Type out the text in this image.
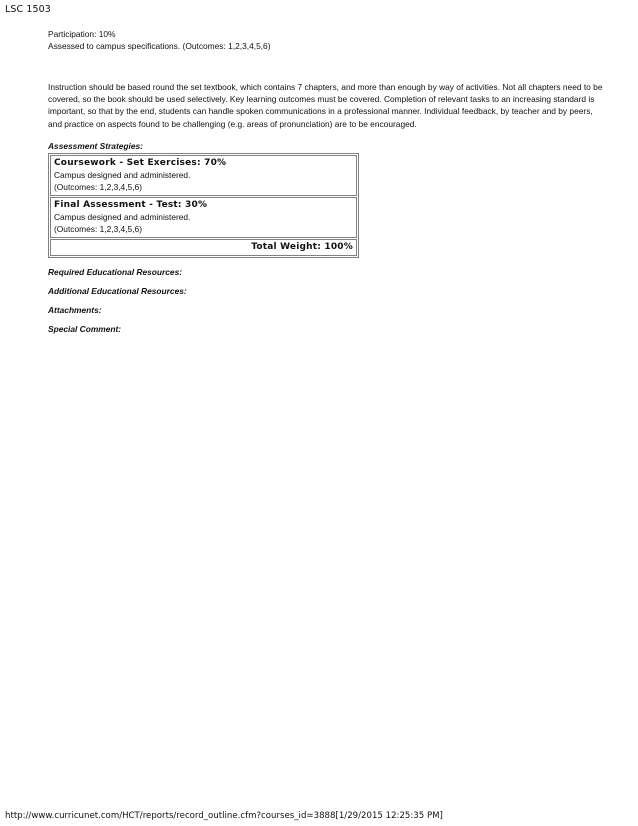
LSC 1503

Participation: 10%

Assessed to campus specifications. (Outcomes: 1,2,3,4,5,6)

Instruction should be based round the set textbook, which contains 7 chapters, and more than enough by way of activities. Not all chapters need to be covered, so the book should be used selectively. Key learning outcomes must be covered. Completion of relevant tasks to an increasing standard is important, so that by the end, students can handle spoken communications in a professional manner. Individual feedback, by teacher and by peers, and practice on aspects found to be challenging (e.g. areas of pronunciation) are to be encouraged.

Assessment Strategies:

Coursework - Set Exercises: 70%
Campus designed and administered.
(Outcomes: 1,2,3,4,5,6)

Final Assessment - Test: 30%
Campus designed and administered.
(Outcomes: 1,2,3,4,5,6)

Total Weight: 100%

Required Educational Resources:

Additional Educational Resources:

Attachments:

Special Comment:

http://www.curricunet.com/HCT/reports/record_outline.cfm?courses_id=3888[1/29/2015 12:25:35 PM]
